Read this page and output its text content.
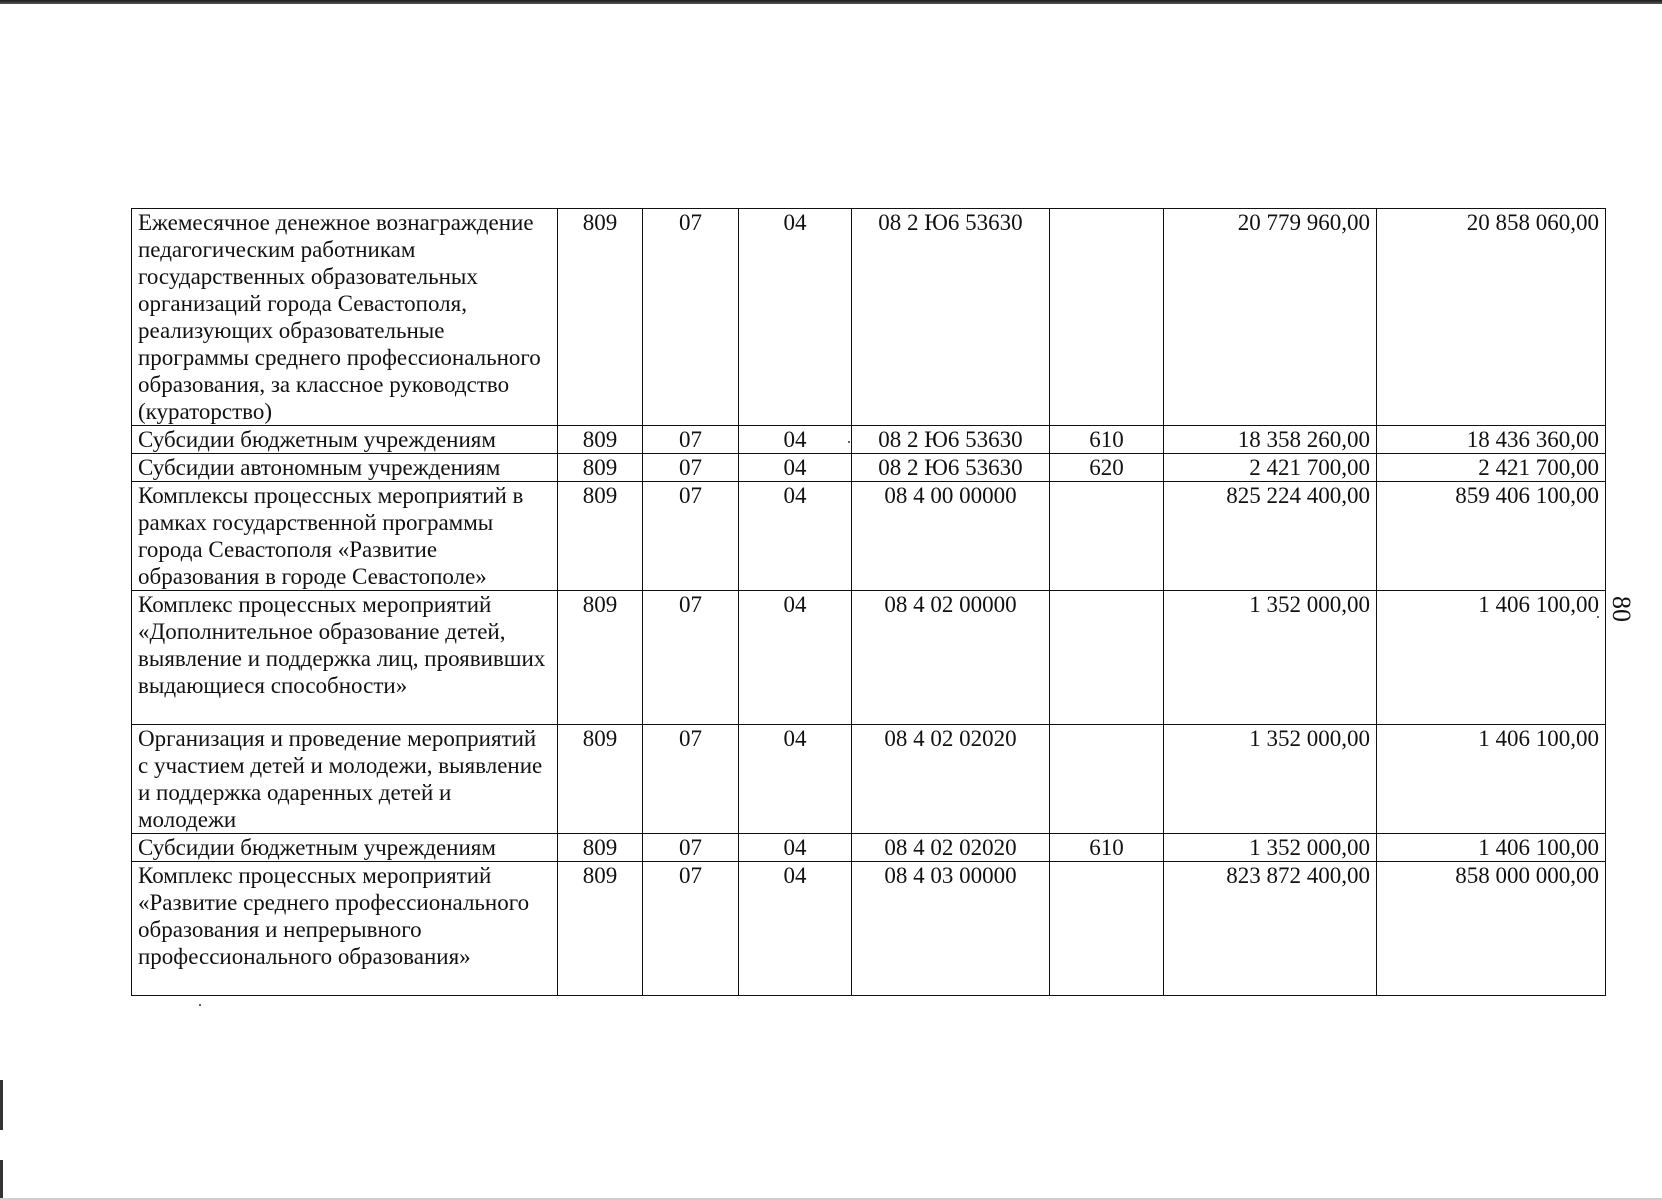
80
Ежемесячное денежное вознаграждение педагогическим работникам государственных образовательных организаций города Севастополя, реализующих образовательные программы среднего профессионального образования, за классное руководство (кураторство)	809	07	04	08 2 Ю6 53630		20 779 960,00	20 858 060,00
Субсидии бюджетным учреждениям	809	07	04	08 2 Ю6 53630	610	18 358 260,00	18 436 360,00
Субсидии автономным учреждениям	809	07	04	08 2 Ю6 53630	620	2 421 700,00	2 421 700,00
Комплексы процессных мероприятий в рамках государственной программы города Севастополя «Развитие образования в городе Севастополе»	809	07	04	08 4 00 00000		825 224 400,00	859 406 100,00
Комплекс процессных мероприятий «Дополнительное образование детей, выявление и поддержка лиц, проявивших выдающиеся способности»	809	07	04	08 4 02 00000		1 352 000,00	1 406 100,00
Организация и проведение мероприятий с участием детей и молодежи, выявление и поддержка одаренных детей и молодежи	809	07	04	08 4 02 02020		1 352 000,00	1 406 100,00
Субсидии бюджетным учреждениям	809	07	04	08 4 02 02020	610	1 352 000,00	1 406 100,00
Комплекс процессных мероприятий «Развитие среднего профессионального образования и непрерывного профессионального образования»	809	07	04	08 4 03 00000		823 872 400,00	858 000 000,00
